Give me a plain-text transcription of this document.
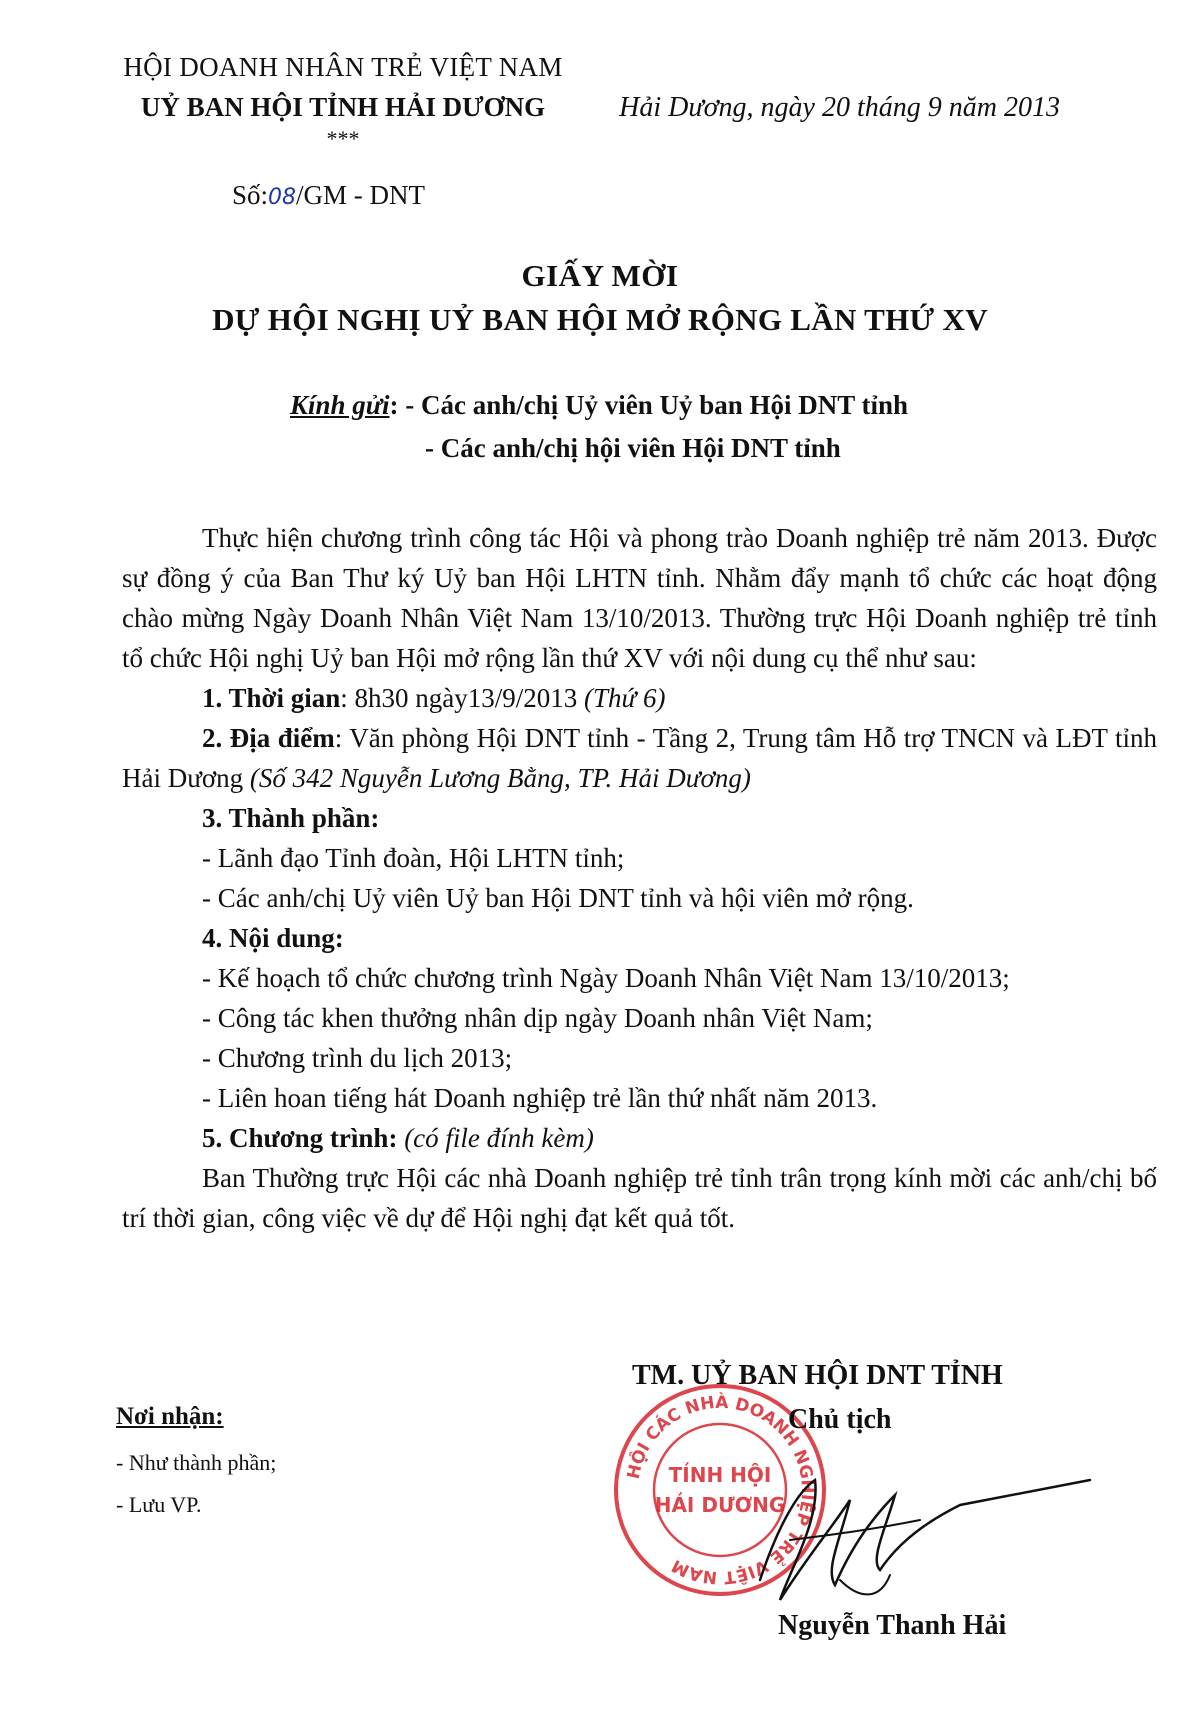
HỘI DOANH NHÂN TRẺ VIỆT NAM
UỶ BAN HỘI TỈNH HẢI DƯƠNG
***
Số:08/GM - DNT
Hải Dương, ngày 20 tháng 9 năm 2013
GIẤY MỜI
DỰ HỘI NGHỊ UỶ BAN HỘI MỞ RỘNG LẦN THỨ XV
Kính gửi: - Các anh/chị Uỷ viên Uỷ ban Hội DNT tỉnh
- Các anh/chị hội viên Hội DNT tỉnh

Thực hiện chương trình công tác Hội và phong trào Doanh nghiệp trẻ năm 2013. Được sự đồng ý của Ban Thư ký Uỷ ban Hội LHTN tỉnh. Nhằm đẩy mạnh tổ chức các hoạt động chào mừng Ngày Doanh Nhân Việt Nam 13/10/2013. Thường trực Hội Doanh nghiệp trẻ tỉnh tổ chức Hội nghị Uỷ ban Hội mở rộng lần thứ XV với nội dung cụ thể như sau:

1. Thời gian: 8h30 ngày13/9/2013 (Thứ 6)

2. Địa điểm: Văn phòng Hội DNT tỉnh - Tầng 2, Trung tâm Hỗ trợ TNCN và LĐT tỉnh Hải Dương (Số 342 Nguyễn Lương Bằng, TP. Hải Dương)

3. Thành phần:

- Lãnh đạo Tỉnh đoàn, Hội LHTN tỉnh;

- Các anh/chị Uỷ viên Uỷ ban Hội DNT tỉnh và hội viên mở rộng.

4. Nội dung:

- Kế hoạch tổ chức chương trình Ngày Doanh Nhân Việt Nam 13/10/2013;

- Công tác khen thưởng nhân dịp ngày Doanh nhân Việt Nam;

- Chương trình du lịch 2013;

- Liên hoan tiếng hát Doanh nghiệp trẻ lần thứ nhất năm 2013.

5. Chương trình: (có file đính kèm)

Ban Thường trực Hội các nhà Doanh nghiệp trẻ tỉnh trân trọng kính mời các anh/chị bố trí thời gian, công việc về dự để Hội nghị đạt kết quả tốt.

Nơi nhận:
- Như thành phần;
- Lưu VP.
HỘI CÁC NHÀ DOANH NGHIỆP TRẺ VIỆT NAM
TỈNH HỘI
HẢI DƯƠNG
TM. UỶ BAN HỘI DNT TỈNH
Chủ tịch
Nguyễn Thanh Hải
